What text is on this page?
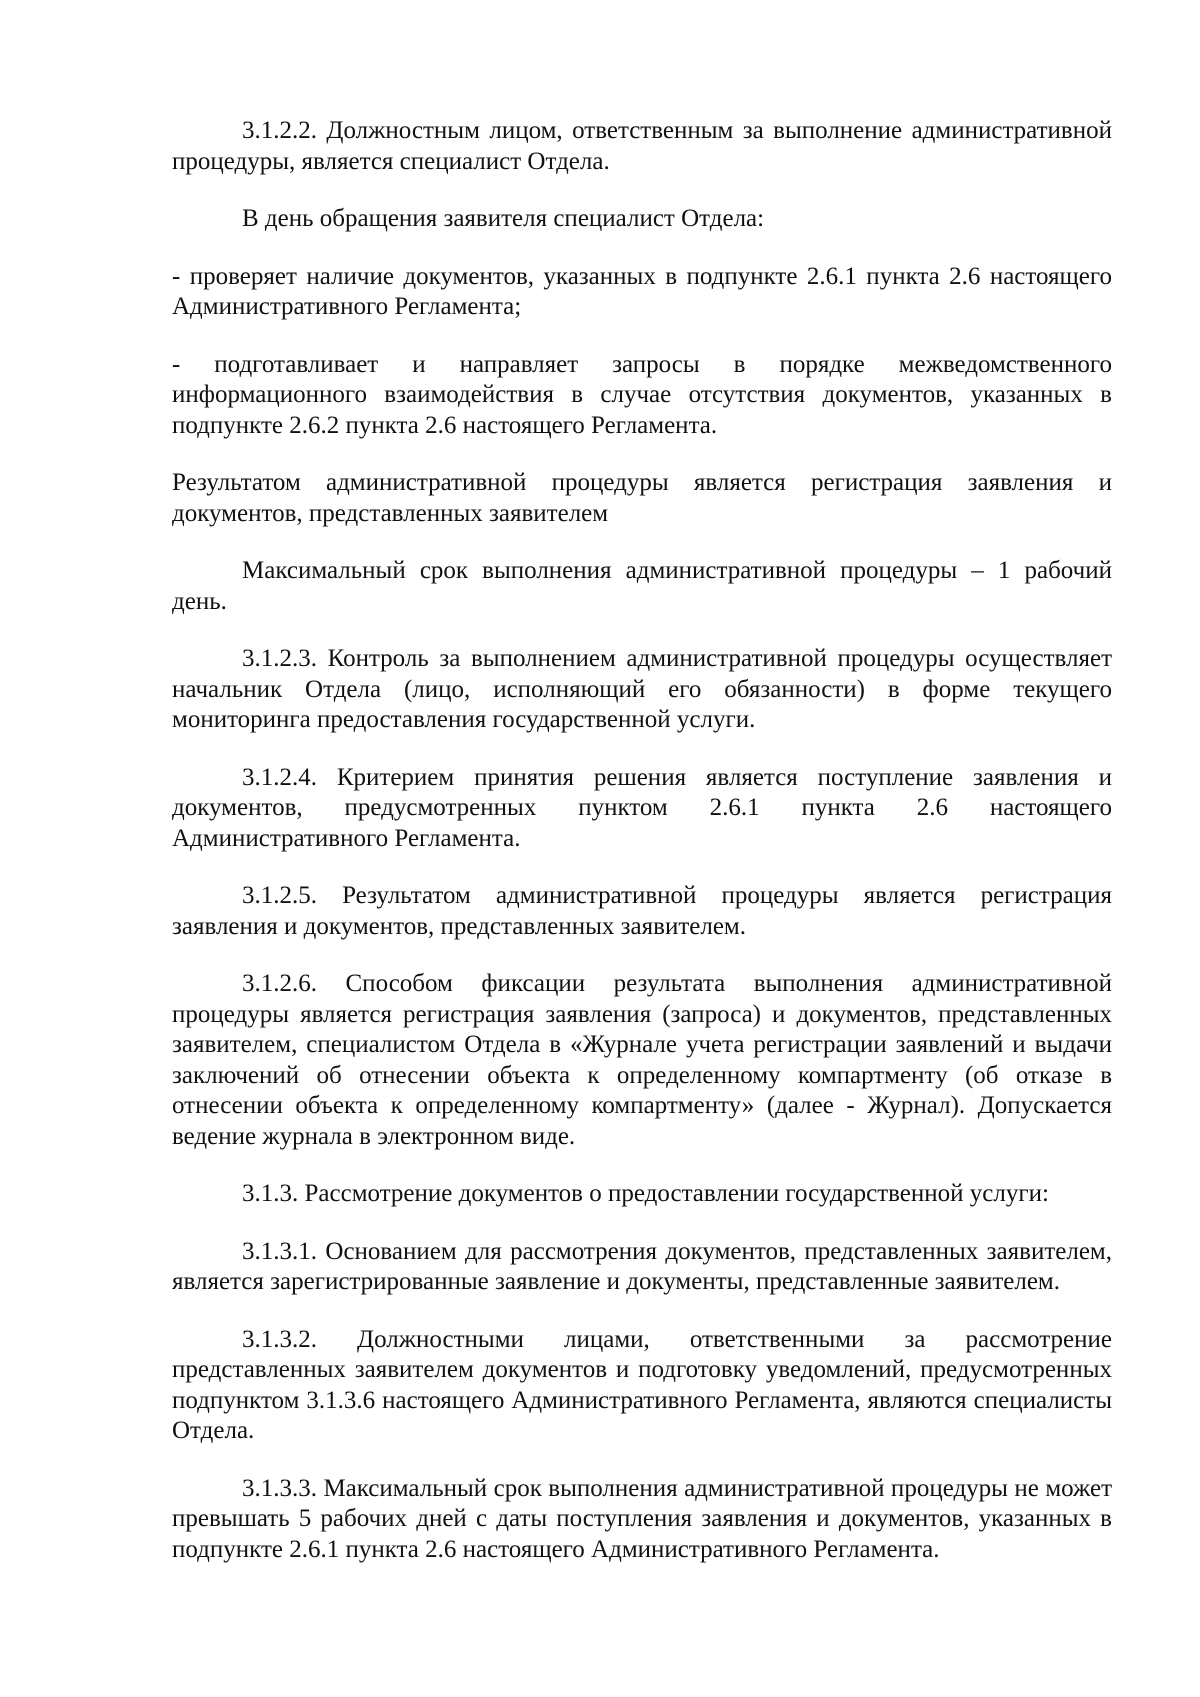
3.1.2.2. Должностным лицом, ответственным за выполнение административной процедуры, является специалист Отдела.

В день обращения заявителя специалист Отдела:

- проверяет наличие документов, указанных в подпункте 2.6.1 пункта 2.6 настоящего Административного Регламента;

- подготавливает и направляет запросы в порядке межведомственного информационного взаимодействия в случае отсутствия документов, указанных в подпункте 2.6.2 пункта 2.6 настоящего Регламента.

Результатом административной процедуры является регистрация заявления и документов, представленных заявителем

Максимальный срок выполнения административной процедуры – 1 рабочий день.

3.1.2.3. Контроль за выполнением административной процедуры осуществляет начальник Отдела (лицо, исполняющий его обязанности) в форме текущего мониторинга предоставления государственной услуги.

3.1.2.4. Критерием принятия решения является поступление заявления и документов, предусмотренных пунктом 2.6.1 пункта 2.6 настоящего Административного Регламента.

3.1.2.5. Результатом административной процедуры является регистрация заявления и документов, представленных заявителем.

3.1.2.6. Способом фиксации результата выполнения административной процедуры является регистрация заявления (запроса) и документов, представленных заявителем, специалистом Отдела в «Журнале учета регистрации заявлений и выдачи заключений об отнесении объекта к определенному компартменту (об отказе в отнесении объекта к определенному компартменту» (далее - Журнал). Допускается ведение журнала в электронном виде.

3.1.3. Рассмотрение документов о предоставлении государственной услуги:

3.1.3.1. Основанием для рассмотрения документов, представленных заявителем, является зарегистрированные заявление и документы, представленные заявителем.

3.1.3.2. Должностными лицами, ответственными за рассмотрение представленных заявителем документов и подготовку уведомлений, предусмотренных подпунктом 3.1.3.6 настоящего Административного Регламента, являются специалисты Отдела.

3.1.3.3. Максимальный срок выполнения административной процедуры не может превышать 5 рабочих дней с даты поступления заявления и документов, указанных в подпункте 2.6.1 пункта 2.6 настоящего Административного Регламента.
